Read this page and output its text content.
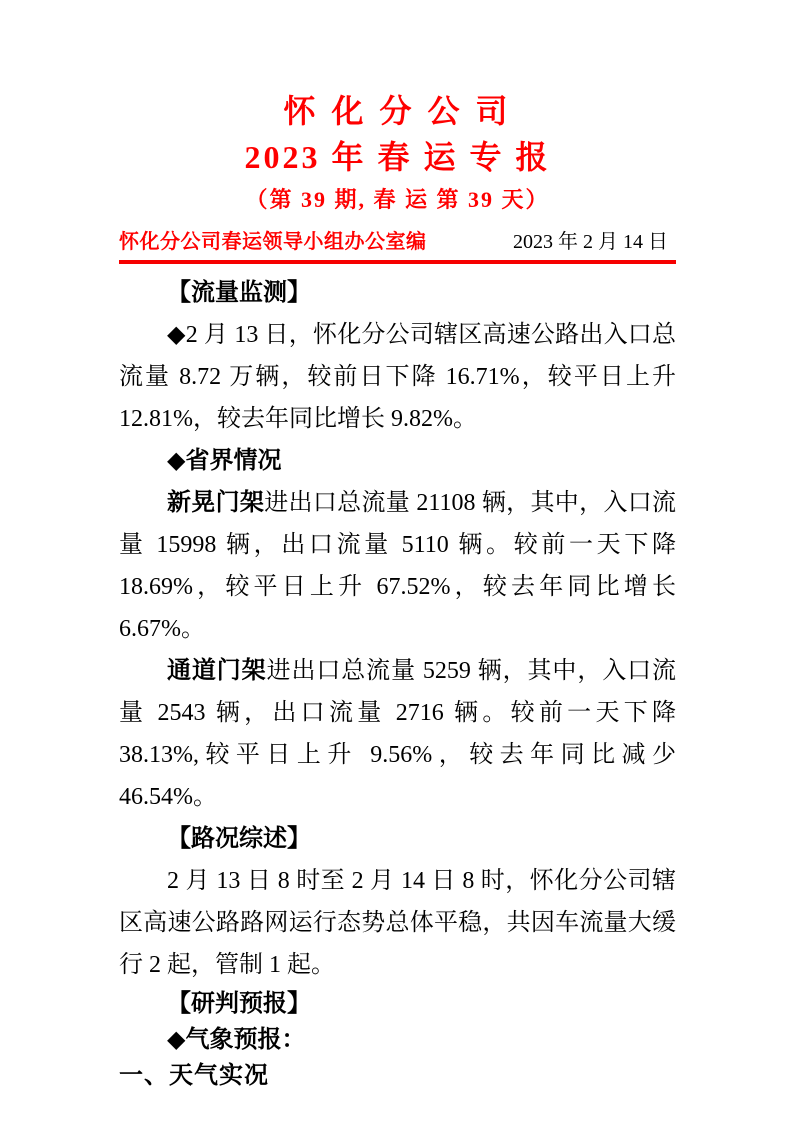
怀 化 分 公 司
2023 年 春 运 专 报
（第 39 期, 春 运 第 39 天）
怀化分公司春运领导小组办公室编	2023 年 2 月 14 日

【流量监测】

◆2 月 13 日，怀化分公司辖区高速公路出入口总流量 8.72 万辆，较前日下降 16.71%，较平日上升 12.81%，较去年同比增长 9.82%。

◆省界情况

新晃门架进出口总流量 21108 辆，其中，入口流量 15998 辆，出口流量 5110 辆。较前一天下降 18.69%，较平日上升 67.52%，较去年同比增长 6.67%。

通道门架进出口总流量 5259 辆，其中，入口流量 2543 辆，出口流量 2716 辆。较前一天下降 38.13%,较平日上升 9.56%，较去年同比减少 46.54%。

【路况综述】

2 月 13 日 8 时至 2 月 14 日 8 时，怀化分公司辖区高速公路路网运行态势总体平稳，共因车流量大缓行 2 起，管制 1 起。

【研判预报】

◆气象预报：

一、天气实况
